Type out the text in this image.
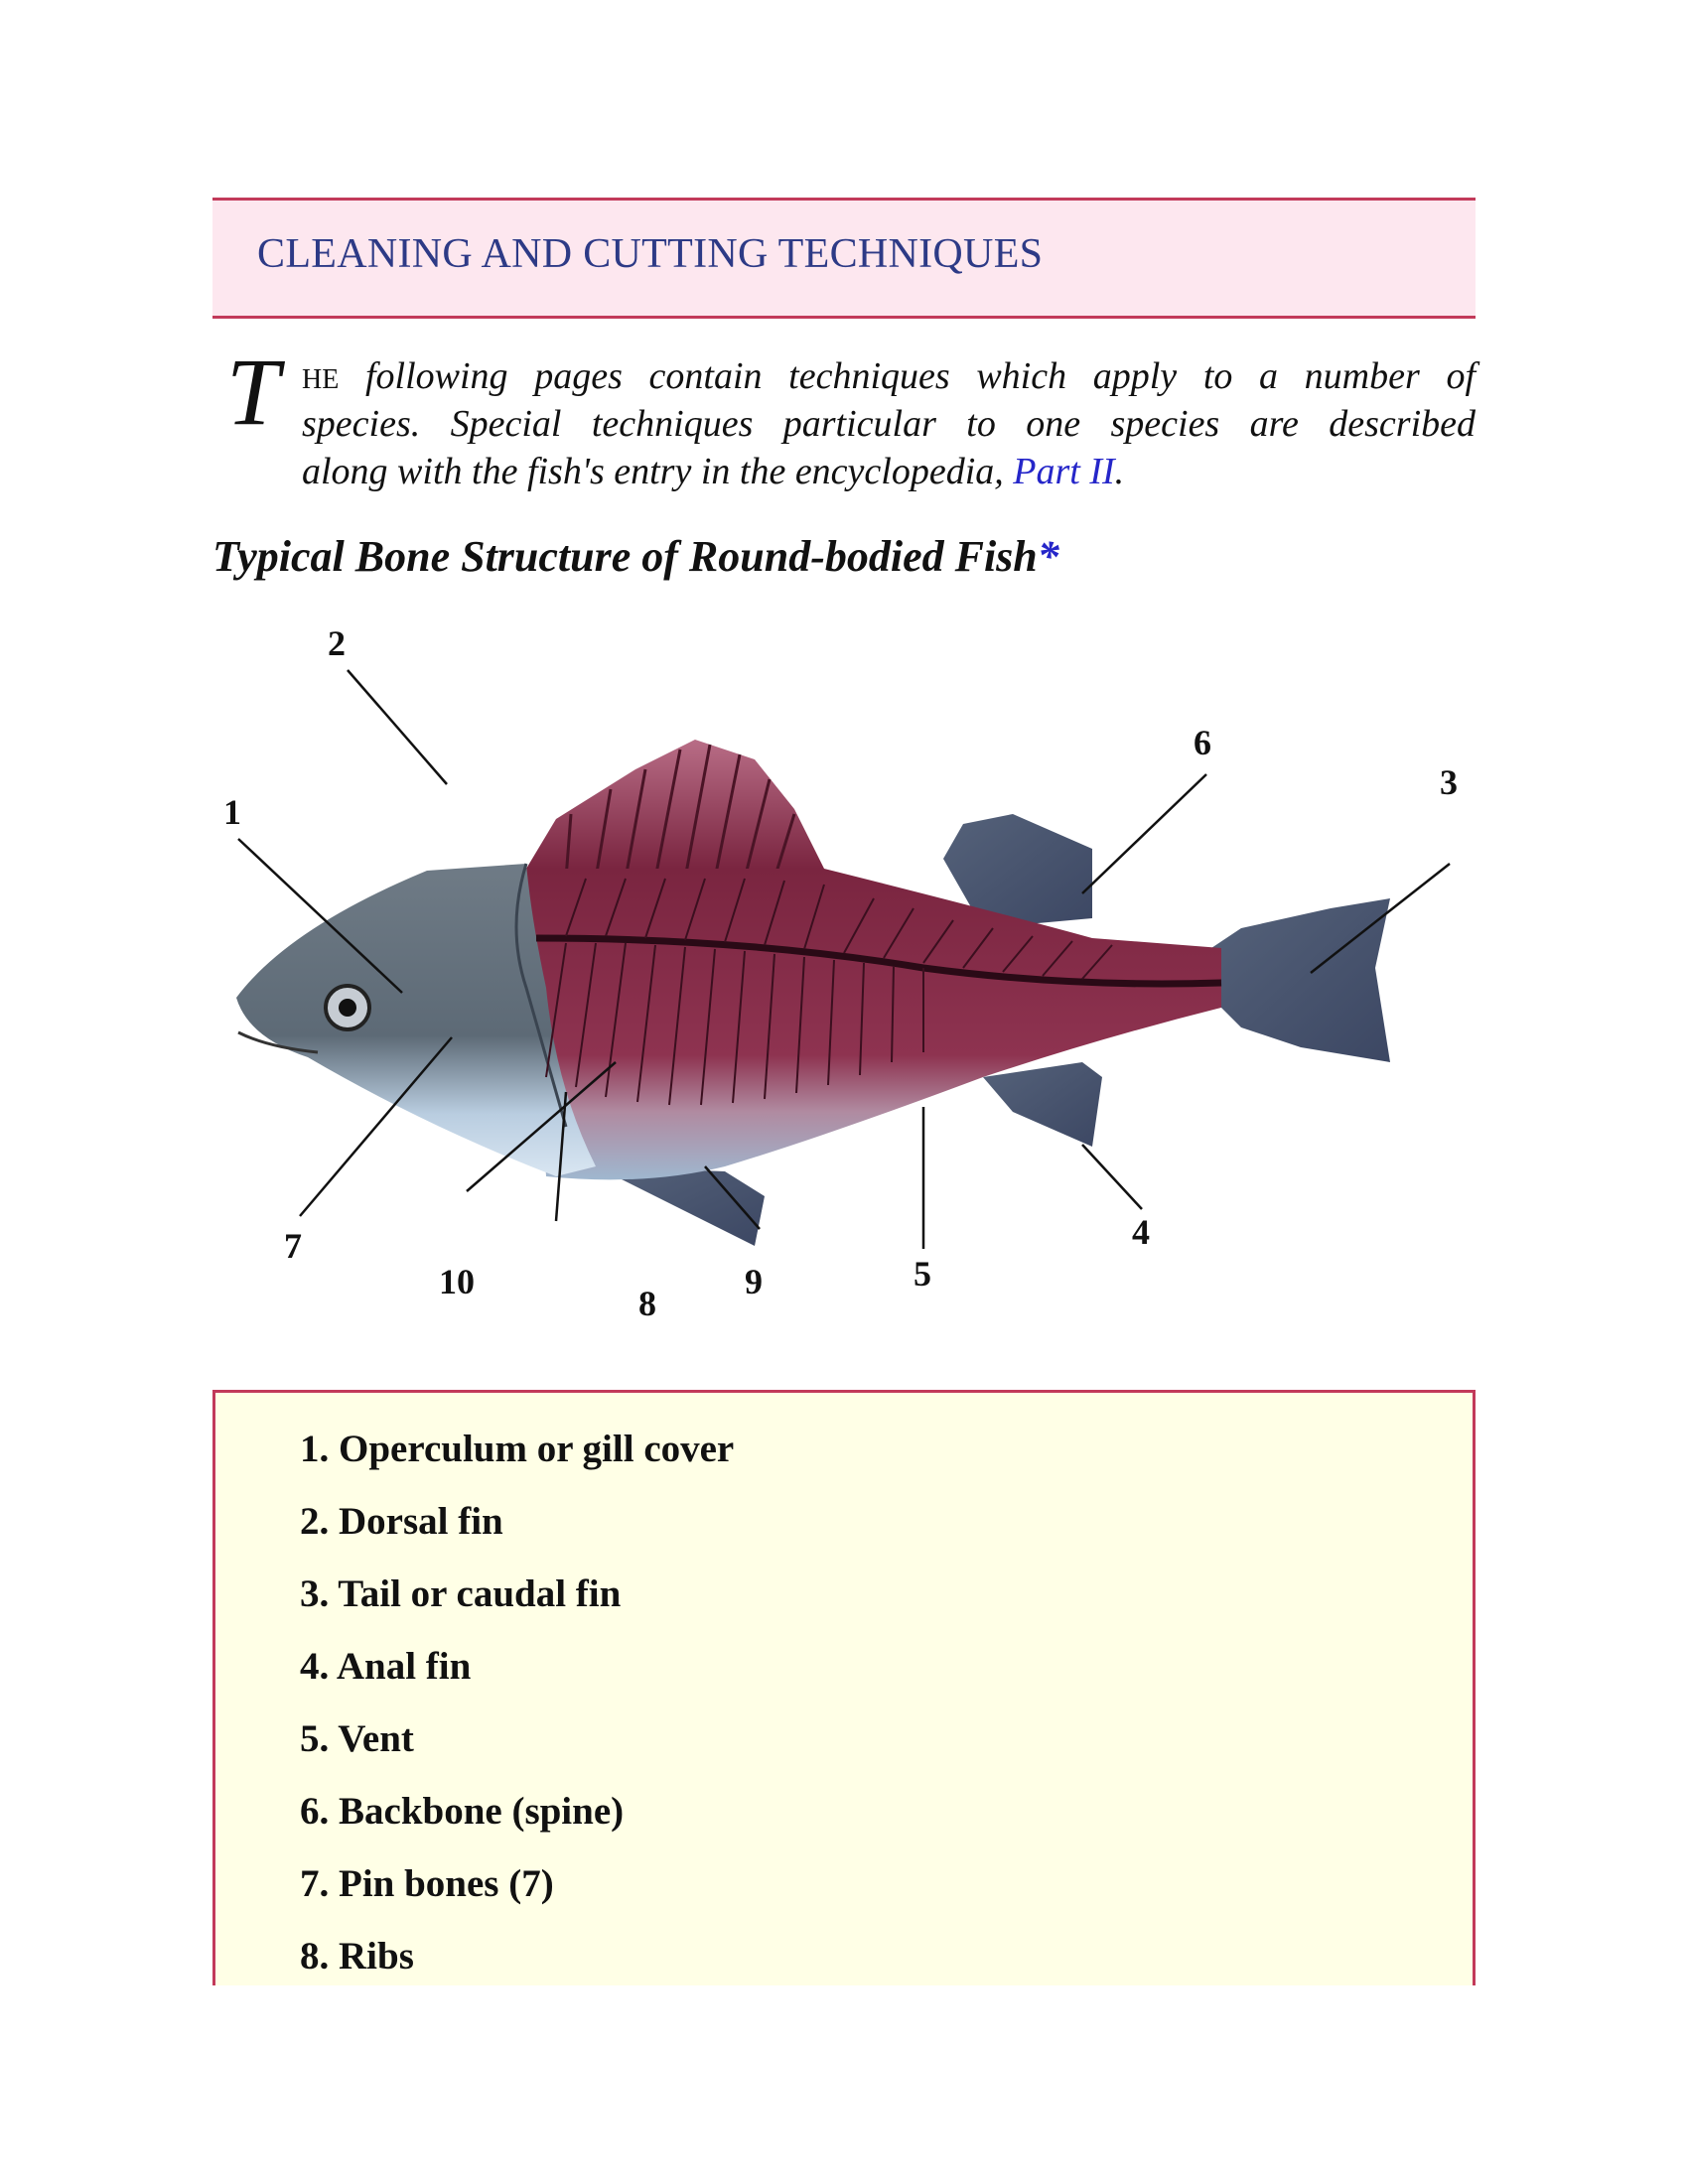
CLEANING AND CUTTING TECHNIQUES
T HE following pages contain techniques which apply to a number of

species. Special techniques particular to one species are described

along with the fish's entry in the encyclopedia, Part II.

Typical Bone Structure of Round-bodied Fish*
1
2
3
4
5
6
7
8
9
10
1. Operculum or gill cover
2. Dorsal fin
3. Tail or caudal fin
4. Anal fin
5. Vent
6. Backbone (spine)
7. Pin bones (7)
8. Ribs
